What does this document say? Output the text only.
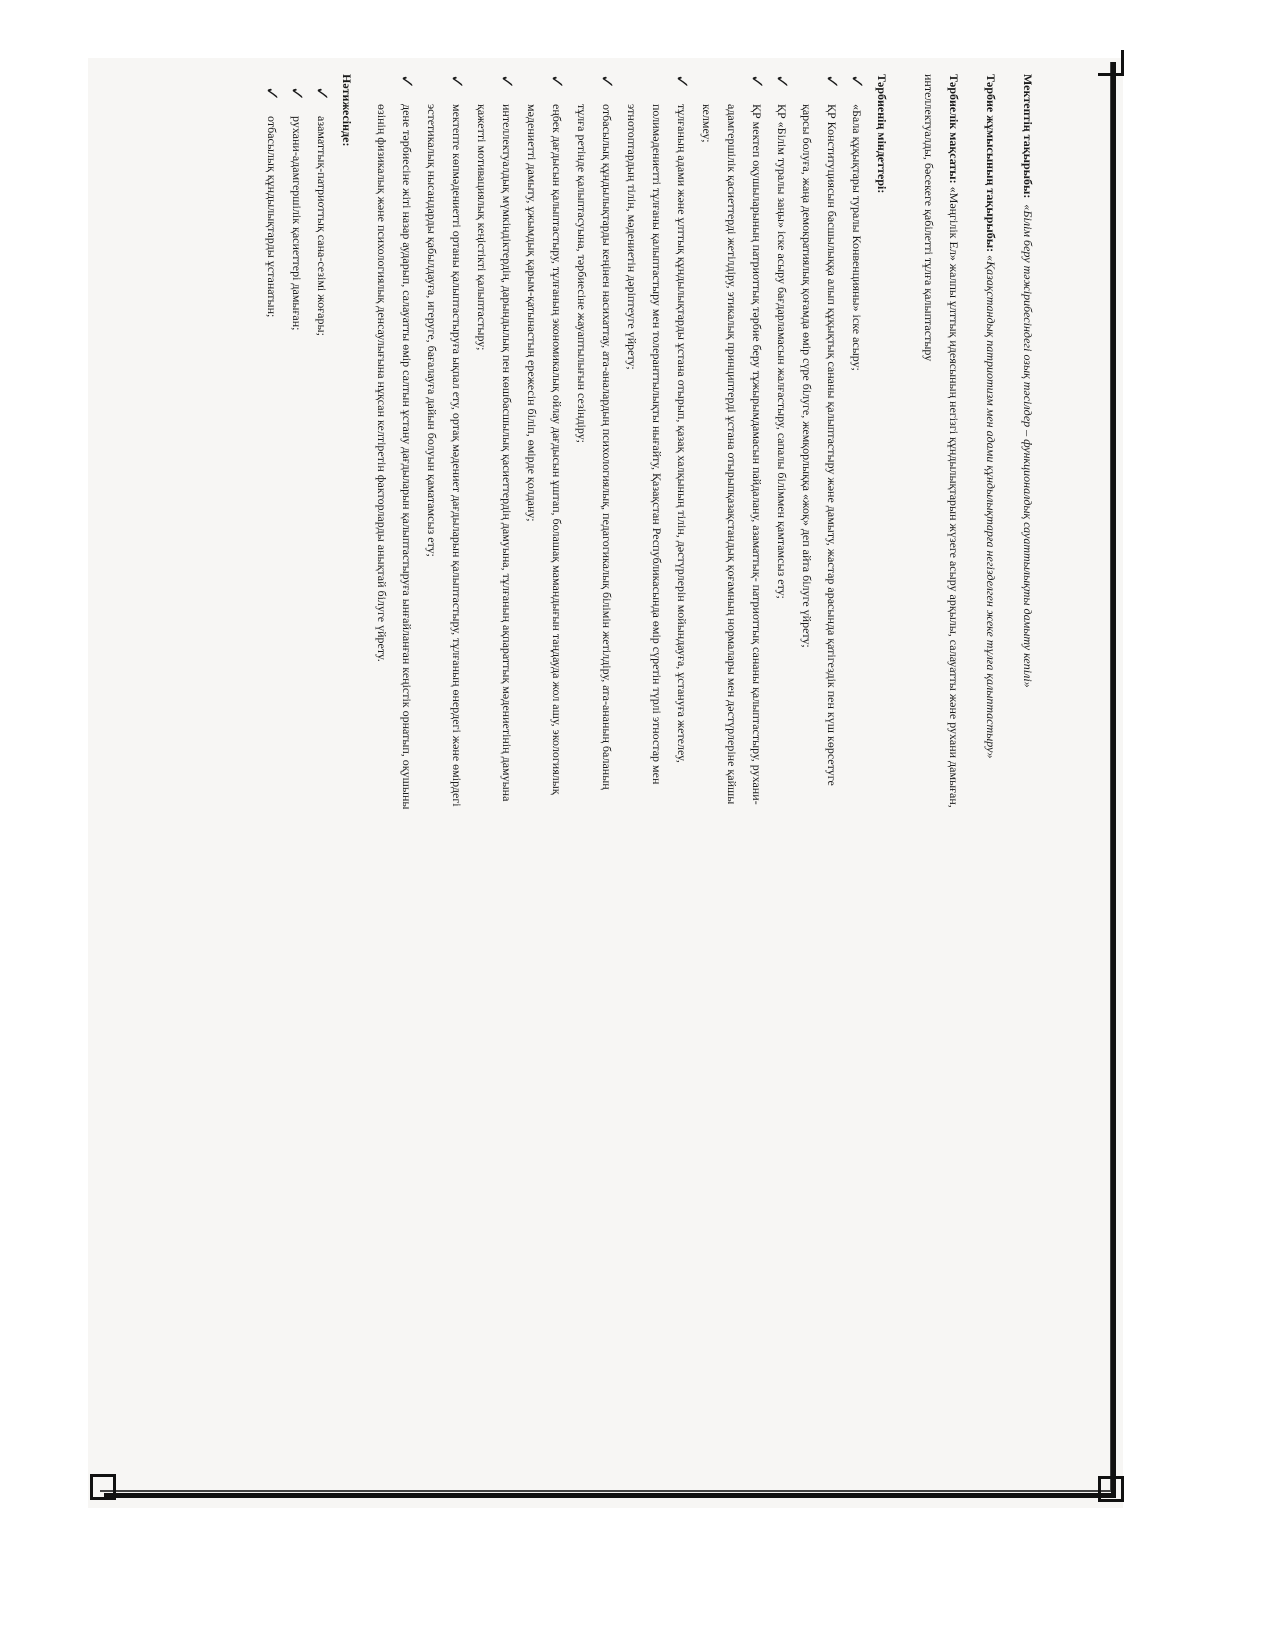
Мектептің тақырыбы:  «Білім беру тәжірибесіндегі озық тәсілдер – функционалдық сауаттылықты дамыту кепілі»
Тәрбие жұмысының тақырыбы: «Қазақстандық патриотизм мен адами құндылықтарға негізделген жеке тұлға қалыптастыру»
Тәрбиелік мақсаты: «Мәңгілік Ел» жалпы ұлттық идеясының негізгі құндылықтарын жүзеге асыру арқылы, салауатты және рухани дамыған,
интеллектуалды, бәсекеге қабілетті тұлға қалыптастыру
Тәрбиенің міндеттері:
✓
«Бала құқықтары туралы Конвенцияны» іске асыру;
✓
ҚР Конституциясын басшылыққа алып құқықтық сананы қалыптастыру және дамыту, жастар арасында қатігездік пен күш көрсетуге
қарсы болуға, жаңа демократиялық қоғамда өмір сүре білуге, жемқорлыққа «жоқ» деп айта білуге үйрету;
✓
ҚР «Білім туралы заңы» іске асыру бағдарламасын жалғастыру, сапалы біліммен қамтамсыз ету;
✓
ҚР мектеп оқушыларының патриоттық тәрбие беру тұжырымдамасын пайдалану, азаматтық- патриоттық сананы қалыптастыру, рухани-
адамгершілік қасиеттерді жетілдіру, этикалық принциптерді ұстана отырыпқазақстандық қоғамның нормалары мен дәстүрлеріне қайшы
келмеу;
✓
тұлғаның адами және ұлттық құндылықтарды ұстана отырып, қазақ халқының тілін, дәстүрлерін мойындауға, ұстануға жетелеу,
полимәдениетті тұлғаны қалыптастыру мен толеранттылықты нығайту, Қазақстан Республикасында өмір сүретін түрлі этностар мен
этнотоптардың тілін, мәдениетін дәріптеуге үйрету;
✓
отбасылық құндылықтарды кеңінен насихаттау, ата-аналардың психологиялық, педагогикалық білімін жетілдіру, ата-ананың баланың
тұлға ретінде қалыптасуына, тәрбиесіне жауаптылығын сезіндіру;
✓
еңбек дағдысын қалыптастыру, тұлғаның экономикалық ойлау дағдысын ұштап, болашақ мамандығын таңдауда жол ашу, экологиялық
мәдениетті дамыту, ұжымдық қарым-қатынастың ережесін біліп, өмірде қолдану;
✓
интеллектуалдық мүмкіндіктердің, дарындылық пен көшбасшылық қасиеттердің дамуына, тұлғаның ақпараттық мәдениетінің дамуына
қажетті мотивациялық кеңістікті қалыптастыру;
✓
мектепте көпмәдениетті ортаны қалыптастыруға ықпал ету, ортақ мәдениет дағдыларын қалыптастыру, тұлғаның өнердегі және өмірдегі
эстетикалық нысандарды қабылдауға, игеруге, бағалауға дайын болуын қаматамсыз ету;
✓
дене тәрбиесіне жіті назар аударып, салауатты өмір салтын ұстану дағдыларын қалыптастыруға ынғайланған кеңістік орнатып, оқушыны
өзінің физикалық және психологиялық денсаулығына нұқсан келтіретін факторларды анықтай білуге үйрету.
Нәтижесінде:
✓
азаматтық-патриоттық сана-сезімі жоғары;
✓
рухани-адамгершілік қасиеттері дамыған;
✓
отбасылық құндылықтарды ұстанатын;
